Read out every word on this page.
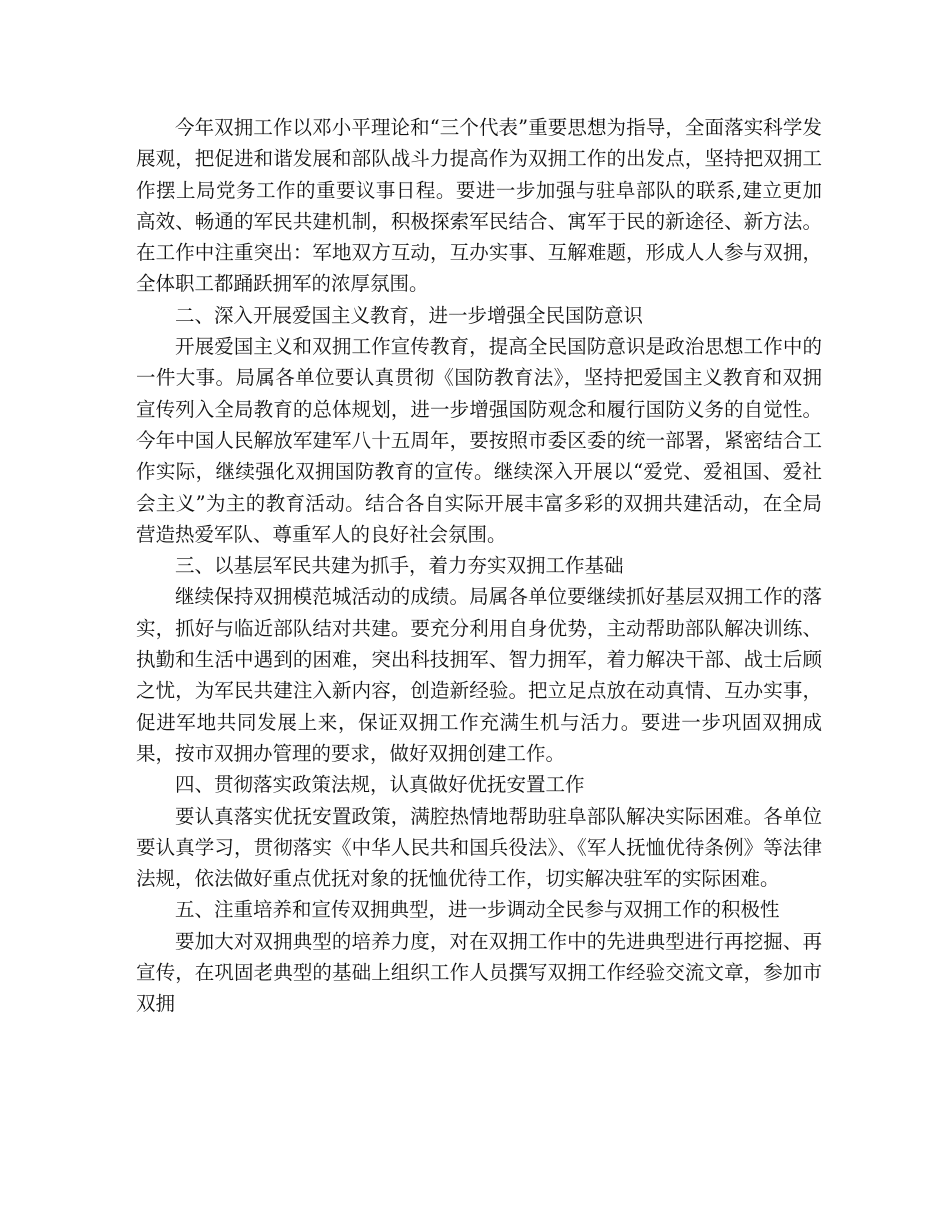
今年双拥工作以邓小平理论和“三个代表”重要思想为指导，全面落实科学发展观，把促进和谐发展和部队战斗力提高作为双拥工作的出发点，坚持把双拥工作摆上局党务工作的重要议事日程。要进一步加强与驻阜部队的联系,建立更加高效、畅通的军民共建机制，积极探索军民结合、寓军于民的新途径、新方法。在工作中注重突出：军地双方互动，互办实事、互解难题，形成人人参与双拥，全体职工都踊跃拥军的浓厚氛围。

二、深入开展爱国主义教育，进一步增强全民国防意识

开展爱国主义和双拥工作宣传教育，提高全民国防意识是政治思想工作中的一件大事。局属各单位要认真贯彻《国防教育法》，坚持把爱国主义教育和双拥宣传列入全局教育的总体规划，进一步增强国防观念和履行国防义务的自觉性。今年中国人民解放军建军八十五周年，要按照市委区委的统一部署，紧密结合工作实际，继续强化双拥国防教育的宣传。继续深入开展以“爱党、爱祖国、爱社会主义”为主的教育活动。结合各自实际开展丰富多彩的双拥共建活动，在全局营造热爱军队、尊重军人的良好社会氛围。

三、以基层军民共建为抓手，着力夯实双拥工作基础

继续保持双拥模范城活动的成绩。局属各单位要继续抓好基层双拥工作的落实，抓好与临近部队结对共建。要充分利用自身优势，主动帮助部队解决训练、执勤和生活中遇到的困难，突出科技拥军、智力拥军，着力解决干部、战士后顾之忧，为军民共建注入新内容，创造新经验。把立足点放在动真情、互办实事，促进军地共同发展上来，保证双拥工作充满生机与活力。要进一步巩固双拥成果，按市双拥办管理的要求，做好双拥创建工作。

四、贯彻落实政策法规，认真做好优抚安置工作

要认真落实优抚安置政策，满腔热情地帮助驻阜部队解决实际困难。各单位要认真学习，贯彻落实《中华人民共和国兵役法》、《军人抚恤优待条例》等法律法规，依法做好重点优抚对象的抚恤优待工作，切实解决驻军的实际困难。

五、注重培养和宣传双拥典型，进一步调动全民参与双拥工作的积极性

要加大对双拥典型的培养力度，对在双拥工作中的先进典型进行再挖掘、再宣传，在巩固老典型的基础上组织工作人员撰写双拥工作经验交流文章，参加市双拥
